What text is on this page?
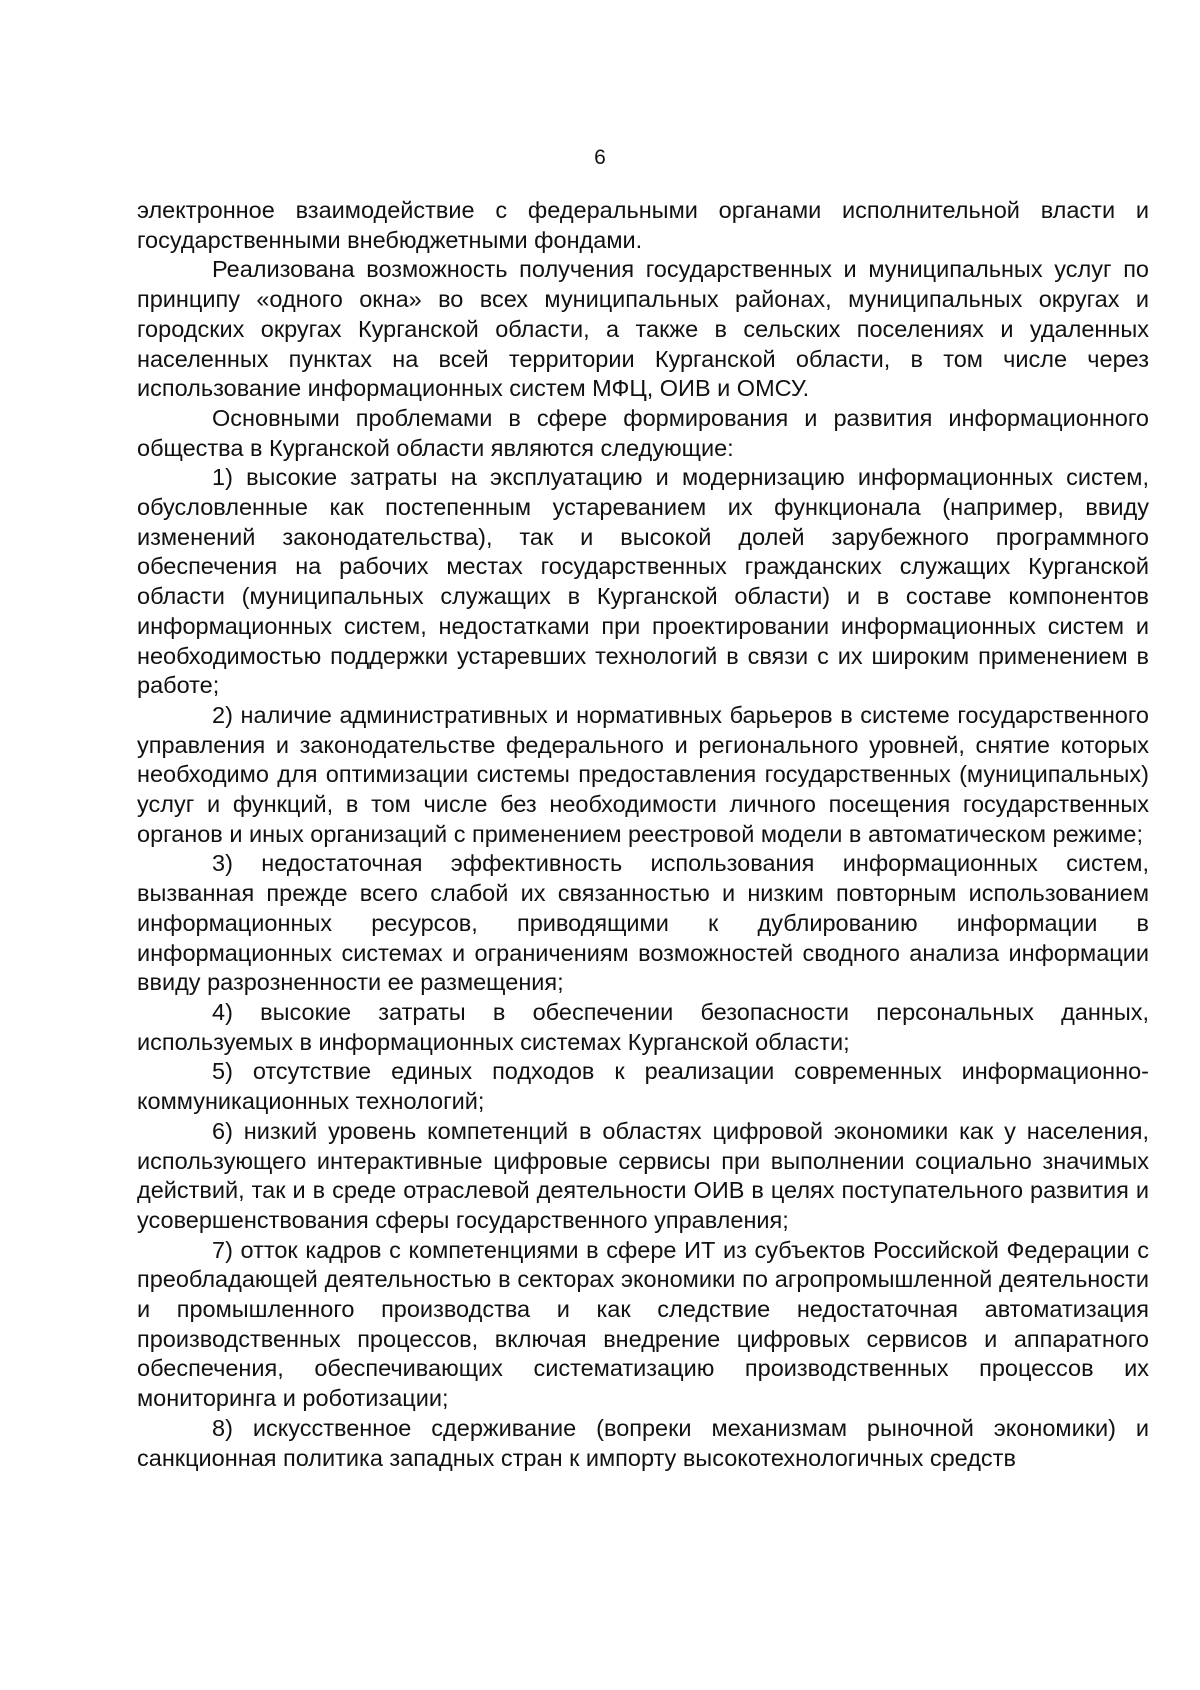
6

электронное взаимодействие с федеральными органами исполнительной власти и государственными внебюджетными фондами.

Реализована возможность получения государственных и муниципальных услуг по принципу «одного окна» во всех муниципальных районах, муниципальных округах и городских округах Курганской области, а также в сельских поселениях и удаленных населенных пунктах на всей территории Курганской области, в том числе через использование информационных систем МФЦ, ОИВ и ОМСУ.

Основными проблемами в сфере формирования и развития информационного общества в Курганской области являются следующие:

1) высокие затраты на эксплуатацию и модернизацию информационных систем, обусловленные как постепенным устареванием их функционала (например, ввиду изменений законодательства), так и высокой долей зарубежного программного обеспечения на рабочих местах государственных гражданских служащих Курганской области (муниципальных служащих в Курганской области) и в составе компонентов информационных систем, недостатками при проектировании информационных систем и необходимостью поддержки устаревших технологий в связи с их широким применением в работе;

2) наличие административных и нормативных барьеров в системе государственного управления и законодательстве федерального и регионального уровней, снятие которых необходимо для оптимизации системы предоставления государственных (муниципальных) услуг и функций, в том числе без необходимости личного посещения государственных органов и иных организаций с применением реестровой модели в автоматическом режиме;

3) недостаточная эффективность использования информационных систем, вызванная прежде всего слабой их связанностью и низким повторным использованием информационных ресурсов, приводящими к дублированию информации в информационных системах и ограничениям возможностей сводного анализа информации ввиду разрозненности ее размещения;

4) высокие затраты в обеспечении безопасности персональных данных, используемых в информационных системах Курганской области;

5) отсутствие единых подходов к реализации современных информационно-коммуникационных технологий;

6) низкий уровень компетенций в областях цифровой экономики как у населения, использующего интерактивные цифровые сервисы при выполнении социально значимых действий, так и в среде отраслевой деятельности ОИВ в целях поступательного развития и усовершенствования сферы государственного управления;

7) отток кадров с компетенциями в сфере ИТ из субъектов Российской Федерации с преобладающей деятельностью в секторах экономики по агропромышленной деятельности и промышленного производства и как следствие недостаточная автоматизация производственных процессов, включая внедрение цифровых сервисов и аппаратного обеспечения, обеспечивающих систематизацию производственных процессов их мониторинга и роботизации;

8) искусственное сдерживание (вопреки механизмам рыночной экономики) и санкционная политика западных стран к импорту высокотехнологичных средств
